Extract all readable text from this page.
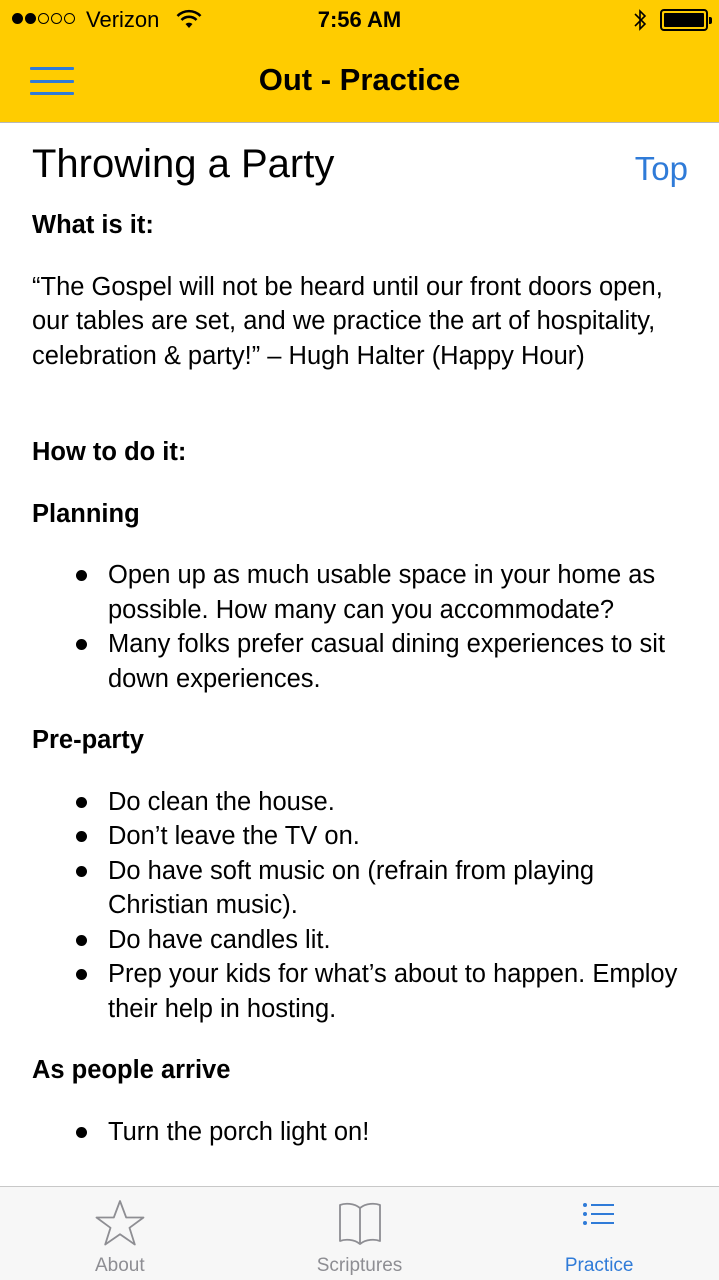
Verizon	7:56 AM
Out - Practice
Throwing a Party	Top
What is it:

“The Gospel will not be heard until our front doors open, our tables are set, and we practice the art of hospitality, celebration & party!” – Hugh Halter (Happy Hour)

How to do it:
Planning
Open up as much usable space in your home as possible. How many can you accommodate?
Many folks prefer casual dining experiences to sit down experiences.
Pre-party
Do clean the house.
Don’t leave the TV on.
Do have soft music on (refrain from playing Christian music).
Do have candles lit.
Prep your kids for what’s about to happen. Employ their help in hosting.
As people arrive
Turn the porch light on!
About	Scriptures	Practice
